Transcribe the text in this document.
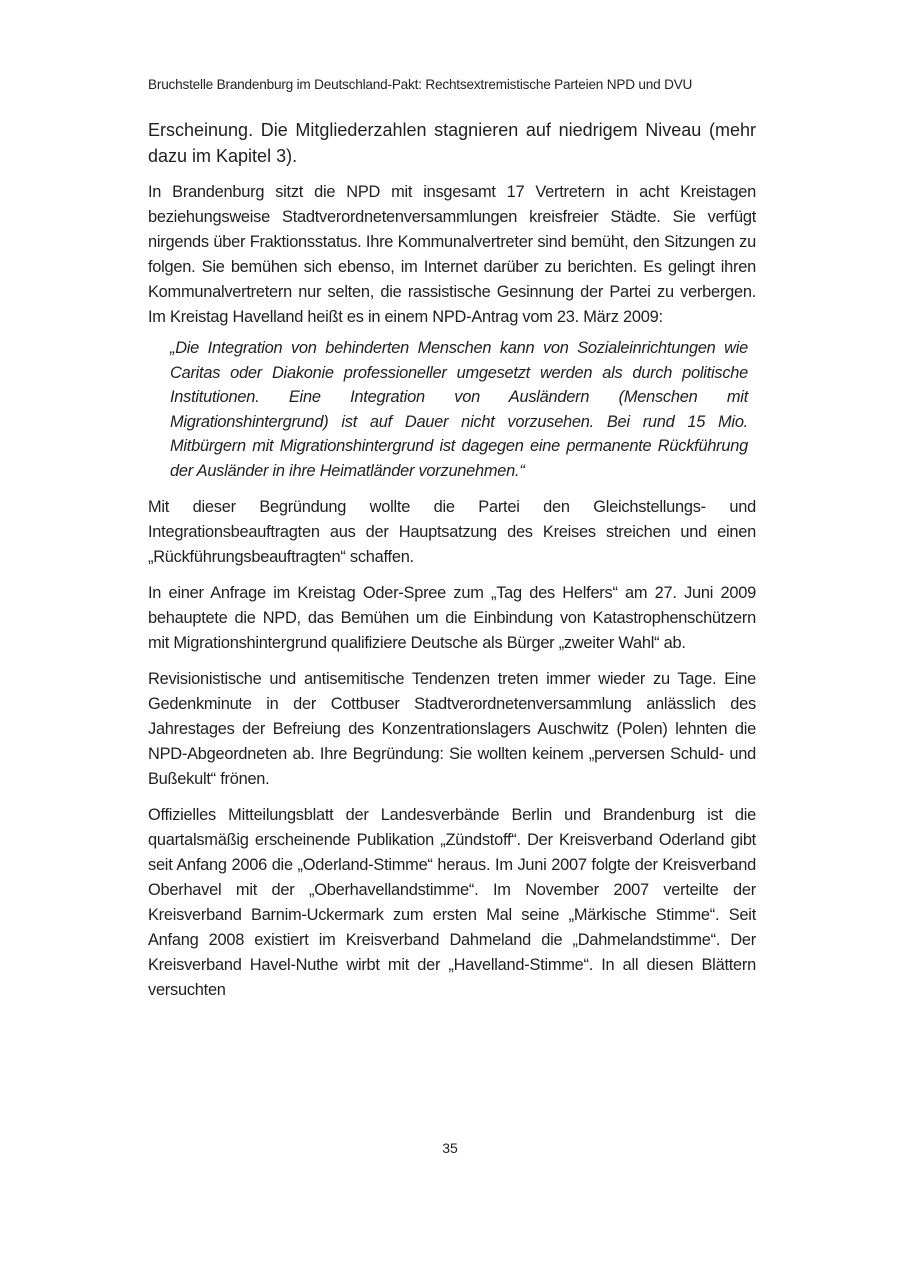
Bruchstelle Brandenburg im Deutschland-Pakt: Rechtsextremistische Parteien NPD und DVU

Erscheinung. Die Mitgliederzahlen stagnieren auf niedrigem Niveau (mehr dazu im Kapitel 3).

In Brandenburg sitzt die NPD mit insgesamt 17 Vertretern in acht Kreistagen beziehungsweise Stadtverordnetenversammlungen kreisfreier Städte. Sie verfügt nirgends über Fraktionsstatus. Ihre Kommunalvertreter sind bemüht, den Sitzungen zu folgen. Sie bemühen sich ebenso, im Internet darüber zu berichten. Es gelingt ihren Kommunalvertretern nur selten, die rassistische Gesinnung der Partei zu verbergen. Im Kreistag Havelland heißt es in einem NPD-Antrag vom 23. März 2009:

„Die Integration von behinderten Menschen kann von Sozialeinrichtungen wie Caritas oder Diakonie professioneller umgesetzt werden als durch politische Institutionen. Eine Integration von Ausländern (Menschen mit Migrationshintergrund) ist auf Dauer nicht vorzusehen. Bei rund 15 Mio. Mitbürgern mit Migrationshintergrund ist dagegen eine permanente Rückführung der Ausländer in ihre Heimatländer vorzunehmen.“

Mit dieser Begründung wollte die Partei den Gleichstellungs- und Integrationsbeauftragten aus der Hauptsatzung des Kreises streichen und einen „Rückführungsbeauftragten“ schaffen.

In einer Anfrage im Kreistag Oder-Spree zum „Tag des Helfers“ am 27. Juni 2009 behauptete die NPD, das Bemühen um die Einbindung von Katastrophenschützern mit Migrationshintergrund qualifiziere Deutsche als Bürger „zweiter Wahl“ ab.

Revisionistische und antisemitische Tendenzen treten immer wieder zu Tage. Eine Gedenkminute in der Cottbuser Stadtverordnetenversammlung anlässlich des Jahrestages der Befreiung des Konzentrationslagers Auschwitz (Polen) lehnten die NPD-Abgeordneten ab. Ihre Begründung: Sie wollten keinem „perversen Schuld- und Bußekult“ frönen.

Offizielles Mitteilungsblatt der Landesverbände Berlin und Brandenburg ist die quartalsmäßig erscheinende Publikation „Zündstoff“. Der Kreisverband Oderland gibt seit Anfang 2006 die „Oderland-Stimme“ heraus. Im Juni 2007 folgte der Kreisverband Oberhavel mit der „Oberhavellandstimme“. Im November 2007 verteilte der Kreisverband Barnim-Uckermark zum ersten Mal seine „Märkische Stimme“. Seit Anfang 2008 existiert im Kreisverband Dahmeland die „Dahmelandstimme“. Der Kreisverband Havel-Nuthe wirbt mit der „Havelland-Stimme“. In all diesen Blättern versuchten

35
